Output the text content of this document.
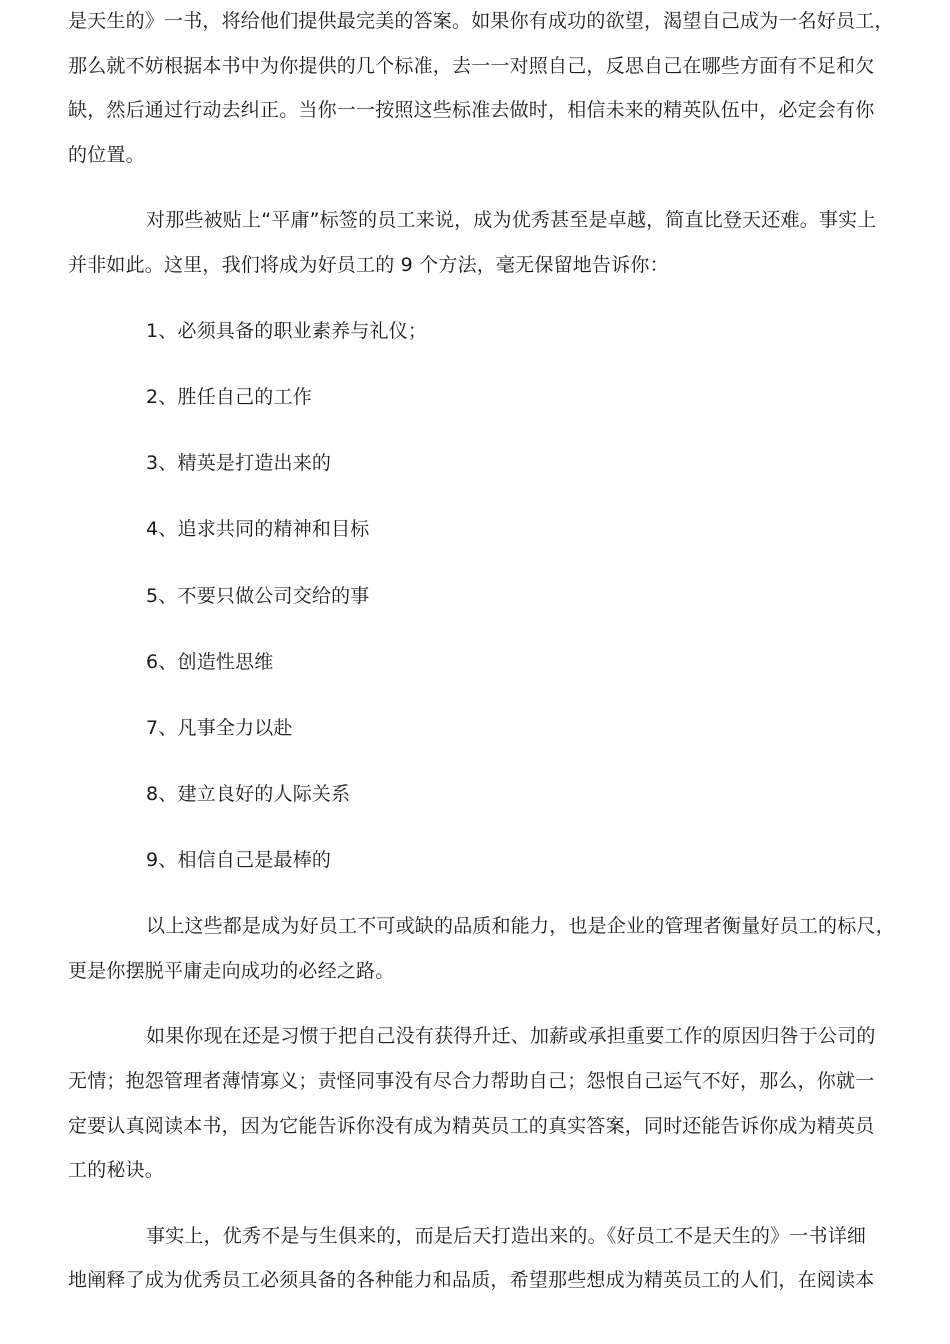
是天生的》一书，将给他们提供最完美的答案。如果你有成功的欲望，渴望自己成为一名好员工，
那么就不妨根据本书中为你提供的几个标准，去一一对照自己，反思自己在哪些方面有不足和欠
缺，然后通过行动去纠正。当你一一按照这些标准去做时，相信未来的精英队伍中，必定会有你
的位置。
对那些被贴上“平庸”标签的员工来说，成为优秀甚至是卓越，简直比登天还难。事实上
并非如此。这里，我们将成为好员工的 9 个方法，毫无保留地告诉你：
1、必须具备的职业素养与礼仪；
2、胜任自己的工作
3、精英是打造出来的
4、追求共同的精神和目标
5、不要只做公司交给的事
6、创造性思维
7、凡事全力以赴
8、建立良好的人际关系
9、相信自己是最棒的
以上这些都是成为好员工不可或缺的品质和能力，也是企业的管理者衡量好员工的标尺，
更是你摆脱平庸走向成功的必经之路。
如果你现在还是习惯于把自己没有获得升迁、加薪或承担重要工作的原因归咎于公司的
无情；抱怨管理者薄情寡义；责怪同事没有尽合力帮助自己；怨恨自己运气不好，那么，你就一
定要认真阅读本书，因为它能告诉你没有成为精英员工的真实答案，同时还能告诉你成为精英员
工的秘诀。
事实上，优秀不是与生俱来的，而是后天打造出来的。《好员工不是天生的》一书详细
地阐释了成为优秀员工必须具备的各种能力和品质，希望那些想成为精英员工的人们，在阅读本
